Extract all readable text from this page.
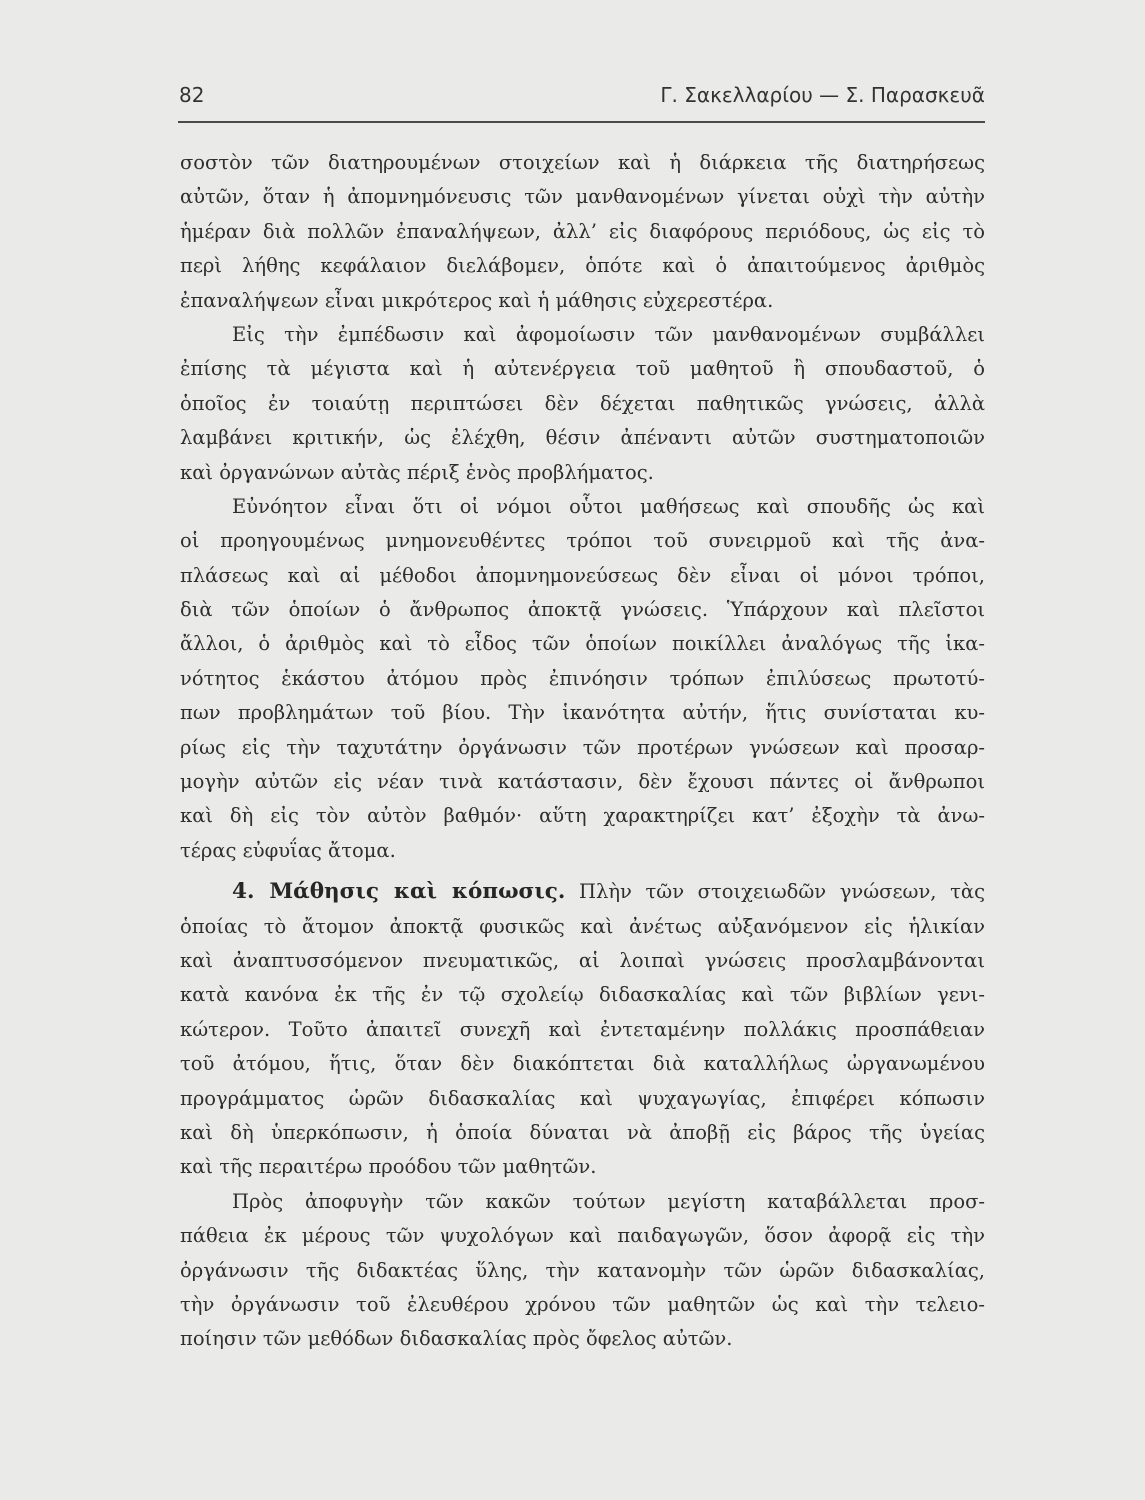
82	Γ. Σακελλαρίου — Σ. Παρασκευᾶ
σοστὸν τῶν διατηρουμένων στοιχείων καὶ ἡ διάρκεια τῆς διατηρήσεως
αὐτῶν, ὅταν ἡ ἀπομνημόνευσις τῶν μανθανομένων γίνεται οὐχὶ τὴν αὐτὴν
ἡμέραν διὰ πολλῶν ἐπαναλήψεων, ἀλλ’ εἰς διαφόρους περιόδους, ὡς εἰς τὸ
περὶ λήθης κεφάλαιον διελάβομεν, ὁπότε καὶ ὁ ἀπαιτούμενος ἀριθμὸς
ἐπαναλήψεων εἶναι μικρότερος καὶ ἡ μάθησις εὐχερεστέρα.
Εἰς τὴν ἐμπέδωσιν καὶ ἀφομοίωσιν τῶν μανθανομένων συμβάλλει
ἐπίσης τὰ μέγιστα καὶ ἡ αὐτενέργεια τοῦ μαθητοῦ ἢ σπουδαστοῦ, ὁ
ὁποῖος ἐν τοιαύτῃ περιπτώσει δὲν δέχεται παθητικῶς γνώσεις, ἀλλὰ
λαμβάνει κριτικήν, ὡς ἐλέχθη, θέσιν ἀπέναντι αὐτῶν συστηματοποιῶν
καὶ ὀργανώνων αὐτὰς πέριξ ἑνὸς προβλήματος.
Εὐνόητον εἶναι ὅτι οἱ νόμοι οὗτοι μαθήσεως καὶ σπουδῆς ὡς καὶ
οἱ προηγουμένως μνημονευθέντες τρόποι τοῦ συνειρμοῦ καὶ τῆς ἀνα-
πλάσεως καὶ αἱ μέθοδοι ἀπομνημονεύσεως δὲν εἶναι οἱ μόνοι τρόποι,
διὰ τῶν ὁποίων ὁ ἄνθρωπος ἀποκτᾷ γνώσεις. Ὑπάρχουν καὶ πλεῖστοι
ἄλλοι, ὁ ἀριθμὸς καὶ τὸ εἶδος τῶν ὁποίων ποικίλλει ἀναλόγως τῆς ἱκα-
νότητος ἑκάστου ἀτόμου πρὸς ἐπινόησιν τρόπων ἐπιλύσεως πρωτοτύ-
πων προβλημάτων τοῦ βίου. Τὴν ἱκανότητα αὐτήν, ἥτις συνίσταται κυ-
ρίως εἰς τὴν ταχυτάτην ὀργάνωσιν τῶν προτέρων γνώσεων καὶ προσαρ-
μογὴν αὐτῶν εἰς νέαν τινὰ κατάστασιν, δὲν ἔχουσι πάντες οἱ ἄνθρωποι
καὶ δὴ εἰς τὸν αὐτὸν βαθμόν· αὕτη χαρακτηρίζει κατ’ ἐξοχὴν τὰ ἀνω-
τέρας εὐφυΐας ἄτομα.
4. Μάθησις καὶ κόπωσις. Πλὴν τῶν στοιχειωδῶν γνώσεων, τὰς
ὁποίας τὸ ἄτομον ἀποκτᾷ φυσικῶς καὶ ἀνέτως αὐξανόμενον εἰς ἡλικίαν
καὶ ἀναπτυσσόμενον πνευματικῶς, αἱ λοιπαὶ γνώσεις προσλαμβάνονται
κατὰ κανόνα ἐκ τῆς ἐν τῷ σχολείῳ διδασκαλίας καὶ τῶν βιβλίων γενι-
κώτερον. Τοῦτο ἀπαιτεῖ συνεχῆ καὶ ἐντεταμένην πολλάκις προσπάθειαν
τοῦ ἀτόμου, ἥτις, ὅταν δὲν διακόπτεται διὰ καταλλήλως ὠργανωμένου
προγράμματος ὡρῶν διδασκαλίας καὶ ψυχαγωγίας, ἐπιφέρει κόπωσιν
καὶ δὴ ὑπερκόπωσιν, ἡ ὁποία δύναται νὰ ἀποβῇ εἰς βάρος τῆς ὑγείας
καὶ τῆς περαιτέρω προόδου τῶν μαθητῶν.
Πρὸς ἀποφυγὴν τῶν κακῶν τούτων μεγίστη καταβάλλεται προσ-
πάθεια ἐκ μέρους τῶν ψυχολόγων καὶ παιδαγωγῶν, ὅσον ἀφορᾷ εἰς τὴν
ὀργάνωσιν τῆς διδακτέας ὕλης, τὴν κατανομὴν τῶν ὡρῶν διδασκαλίας,
τὴν ὀργάνωσιν τοῦ ἐλευθέρου χρόνου τῶν μαθητῶν ὡς καὶ τὴν τελειο-
ποίησιν τῶν μεθόδων διδασκαλίας πρὸς ὄφελος αὐτῶν.
